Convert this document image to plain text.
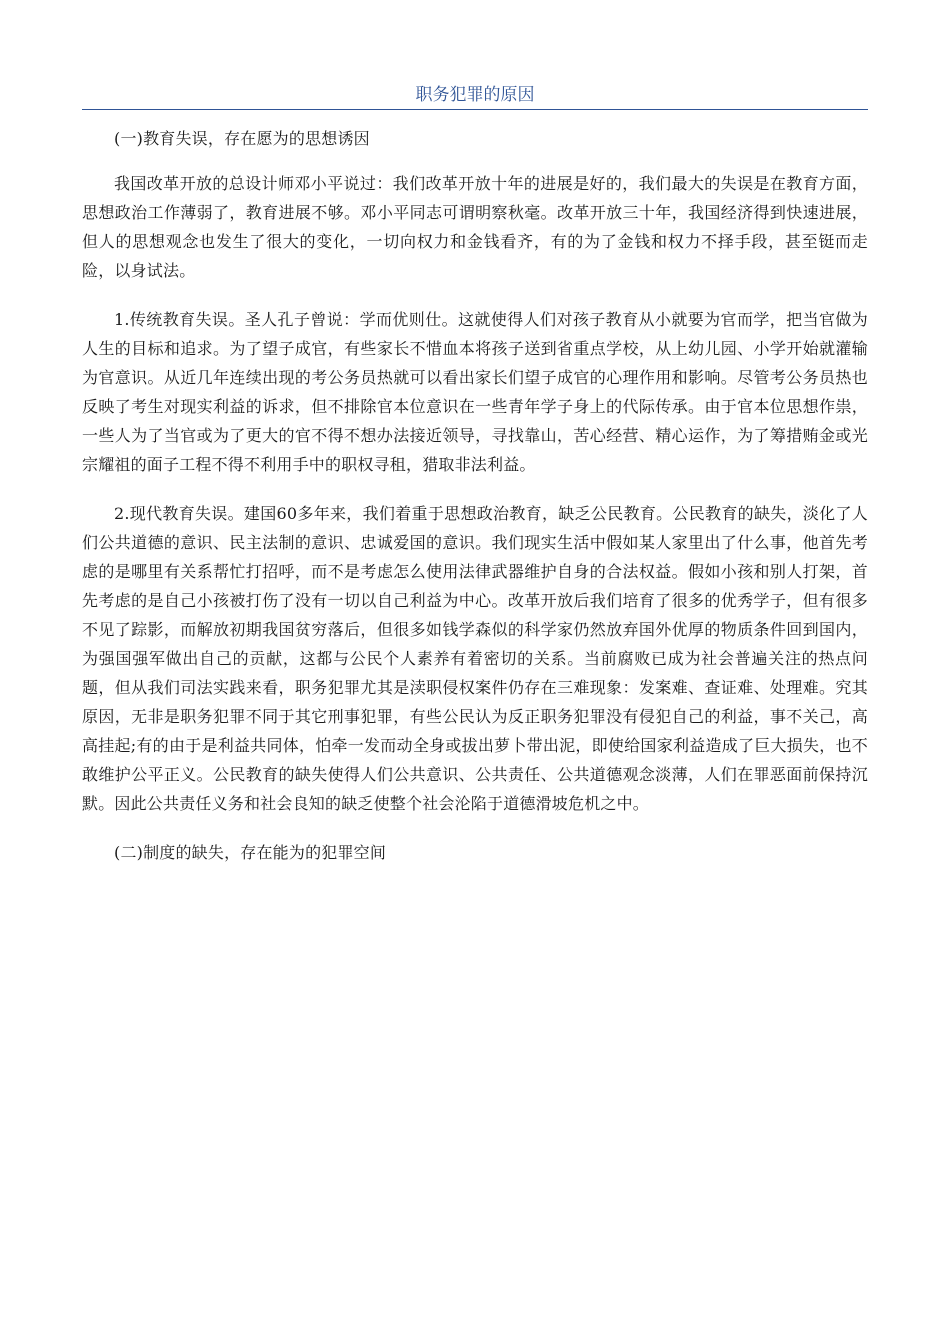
职务犯罪的原因

(一)教育失误，存在愿为的思想诱因

我国改革开放的总设计师邓小平说过：我们改革开放十年的进展是好的，我们最大的失误是在教育方面，思想政治工作薄弱了，教育进展不够。邓小平同志可谓明察秋毫。改革开放三十年，我国经济得到快速进展，但人的思想观念也发生了很大的变化，一切向权力和金钱看齐，有的为了金钱和权力不择手段，甚至铤而走险，以身试法。

1.传统教育失误。圣人孔子曾说：学而优则仕。这就使得人们对孩子教育从小就要为官而学，把当官做为人生的目标和追求。为了望子成官，有些家长不惜血本将孩子送到省重点学校，从上幼儿园、小学开始就灌输为官意识。从近几年连续出现的考公务员热就可以看出家长们望子成官的心理作用和影响。尽管考公务员热也反映了考生对现实利益的诉求，但不排除官本位意识在一些青年学子身上的代际传承。由于官本位思想作祟，一些人为了当官或为了更大的官不得不想办法接近领导，寻找靠山，苦心经营、精心运作，为了筹措贿金或光宗耀祖的面子工程不得不利用手中的职权寻租，猎取非法利益。

2.现代教育失误。建国60多年来，我们着重于思想政治教育，缺乏公民教育。公民教育的缺失，淡化了人们公共道德的意识、民主法制的意识、忠诚爱国的意识。我们现实生活中假如某人家里出了什么事，他首先考虑的是哪里有关系帮忙打招呼，而不是考虑怎么使用法律武器维护自身的合法权益。假如小孩和别人打架，首先考虑的是自己小孩被打伤了没有一切以自己利益为中心。改革开放后我们培育了很多的优秀学子，但有很多不见了踪影，而解放初期我国贫穷落后，但很多如钱学森似的科学家仍然放弃国外优厚的物质条件回到国内，为强国强军做出自己的贡献，这都与公民个人素养有着密切的关系。当前腐败已成为社会普遍关注的热点问题，但从我们司法实践来看，职务犯罪尤其是渎职侵权案件仍存在三难现象：发案难、查证难、处理难。究其原因，无非是职务犯罪不同于其它刑事犯罪，有些公民认为反正职务犯罪没有侵犯自己的利益，事不关己，高高挂起;有的由于是利益共同体，怕牵一发而动全身或拔出萝卜带出泥，即使给国家利益造成了巨大损失，也不敢维护公平正义。公民教育的缺失使得人们公共意识、公共责任、公共道德观念淡薄，人们在罪恶面前保持沉默。因此公共责任义务和社会良知的缺乏使整个社会沦陷于道德滑坡危机之中。

(二)制度的缺失，存在能为的犯罪空间
